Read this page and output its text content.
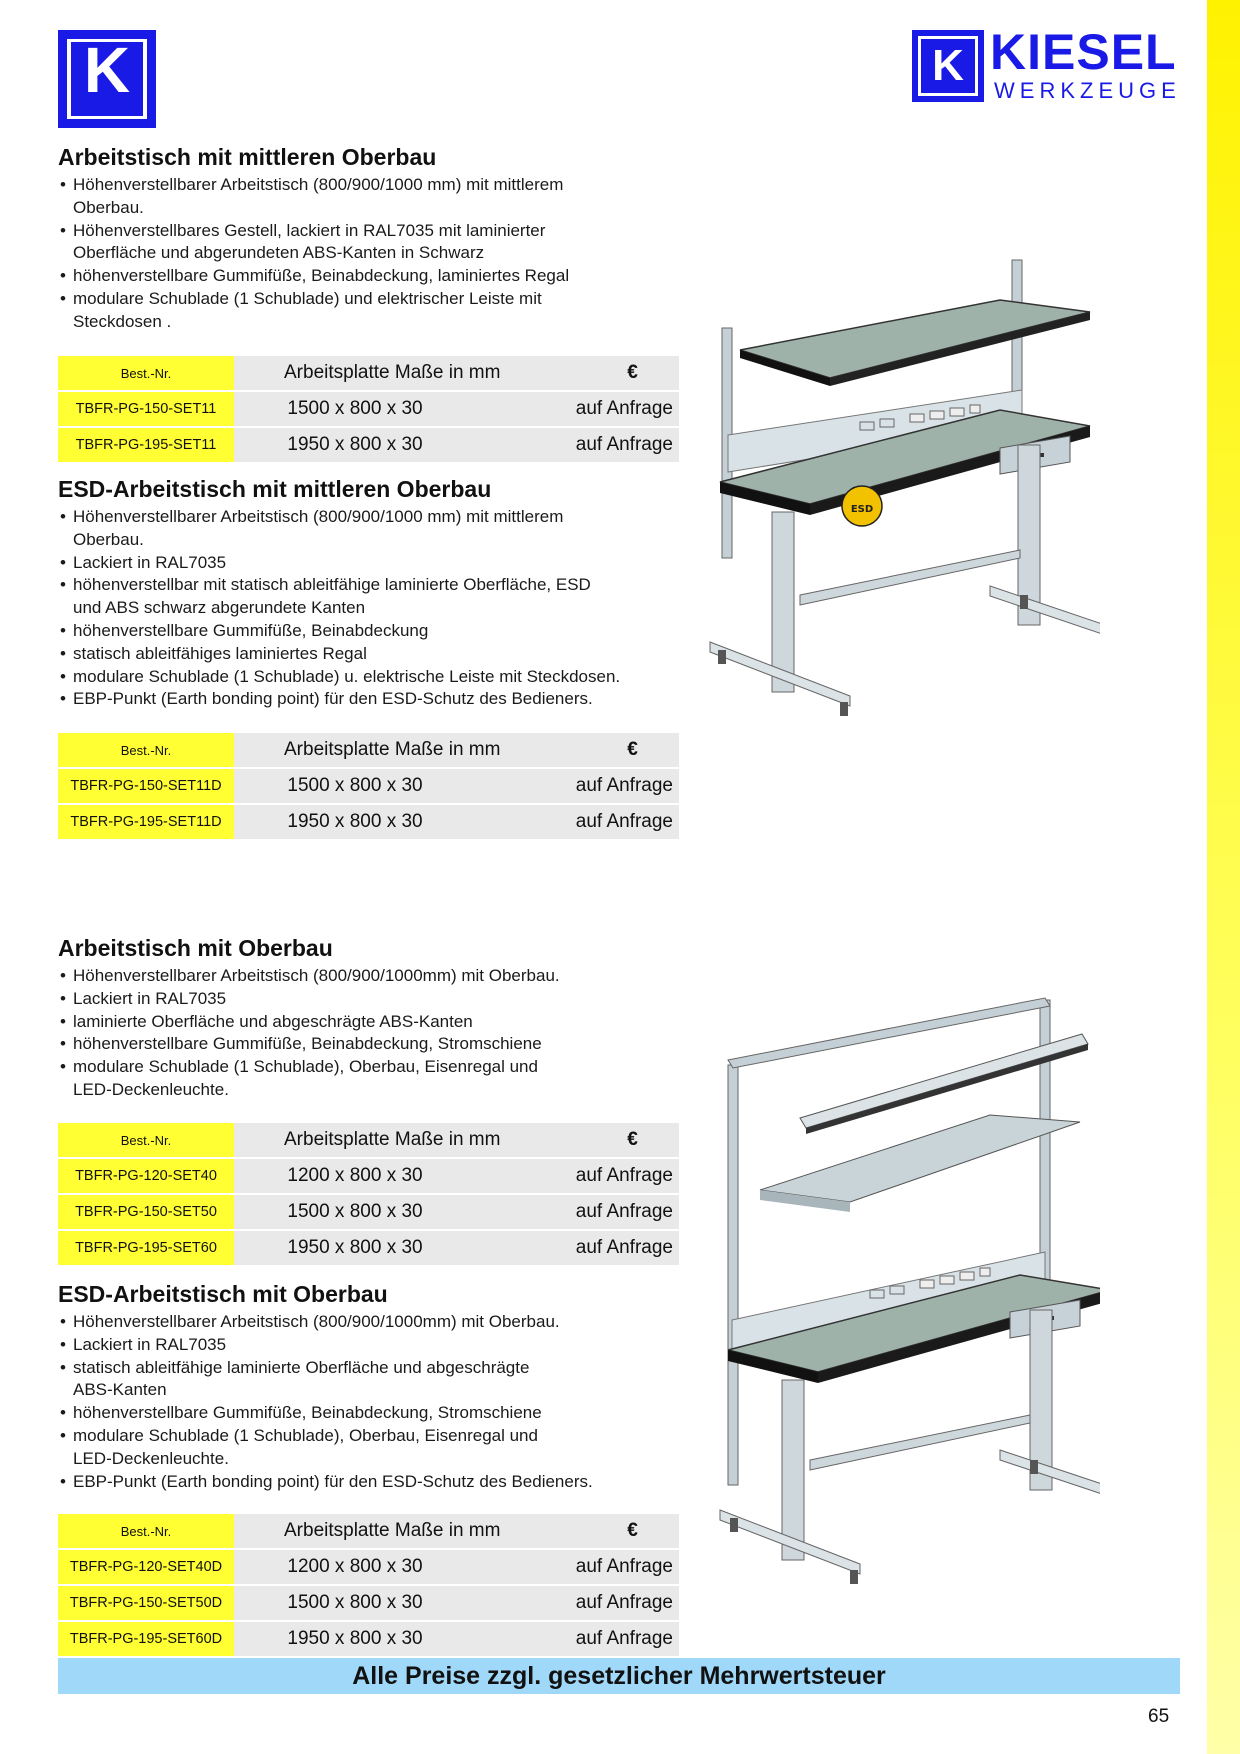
K	K KIESEL
WERKZEUGE
Arbeitstisch mit mittleren Oberbau
• Höhenverstellbarer Arbeitstisch (800/900/1000 mm) mit mittlerem
Oberbau.
• Höhenverstellbares Gestell, lackiert in RAL7035 mit laminierter
Oberfläche und abgerundeten ABS-Kanten in Schwarz
• höhenverstellbare Gummifüße, Beinabdeckung, laminiertes Regal
• modulare Schublade (1 Schublade) und elektrischer Leiste mit
Steckdosen .
Best.-Nr.	Arbeitsplatte Maße in mm	€
TBFR-PG-150-SET11	1500 x 800 x 30	auf Anfrage
TBFR-PG-195-SET11	1950 x 800 x 30	auf Anfrage
ESD-Arbeitstisch mit mittleren Oberbau
• Höhenverstellbarer Arbeitstisch (800/900/1000 mm) mit mittlerem
Oberbau.
• Lackiert in RAL7035
• höhenverstellbar mit statisch ableitfähige laminierte Oberfläche, ESD
und ABS schwarz abgerundete Kanten
• höhenverstellbare Gummifüße, Beinabdeckung
• statisch ableitfähiges laminiertes Regal
• modulare Schublade (1 Schublade) u. elektrische Leiste mit Steckdosen.
• EBP-Punkt (Earth bonding point) für den ESD-Schutz des Bedieners.
Best.-Nr.	Arbeitsplatte Maße in mm	€
TBFR-PG-150-SET11D	1500 x 800 x 30	auf Anfrage
TBFR-PG-195-SET11D	1950 x 800 x 30	auf Anfrage
Arbeitstisch mit Oberbau
• Höhenverstellbarer Arbeitstisch (800/900/1000mm) mit Oberbau.
• Lackiert in RAL7035
• laminierte Oberfläche und abgeschrägte ABS-Kanten
• höhenverstellbare Gummifüße, Beinabdeckung, Stromschiene
• modulare Schublade (1 Schublade), Oberbau, Eisenregal und
LED-Deckenleuchte.
Best.-Nr.	Arbeitsplatte Maße in mm	€
TBFR-PG-120-SET40	1200 x 800 x 30	auf Anfrage
TBFR-PG-150-SET50	1500 x 800 x 30	auf Anfrage
TBFR-PG-195-SET60	1950 x 800 x 30	auf Anfrage
ESD-Arbeitstisch mit Oberbau
• Höhenverstellbarer Arbeitstisch (800/900/1000mm) mit Oberbau.
• Lackiert in RAL7035
• statisch ableitfähige laminierte Oberfläche und abgeschrägte
ABS-Kanten
• höhenverstellbare Gummifüße, Beinabdeckung, Stromschiene
• modulare Schublade (1 Schublade), Oberbau, Eisenregal und
LED-Deckenleuchte.
• EBP-Punkt (Earth bonding point) für den ESD-Schutz des Bedieners.
Best.-Nr.	Arbeitsplatte Maße in mm	€
TBFR-PG-120-SET40D	1200 x 800 x 30	auf Anfrage
TBFR-PG-150-SET50D	1500 x 800 x 30	auf Anfrage
TBFR-PG-195-SET60D	1950 x 800 x 30	auf Anfrage
ESD
Alle Preise zzgl. gesetzlicher Mehrwertsteuer
65
